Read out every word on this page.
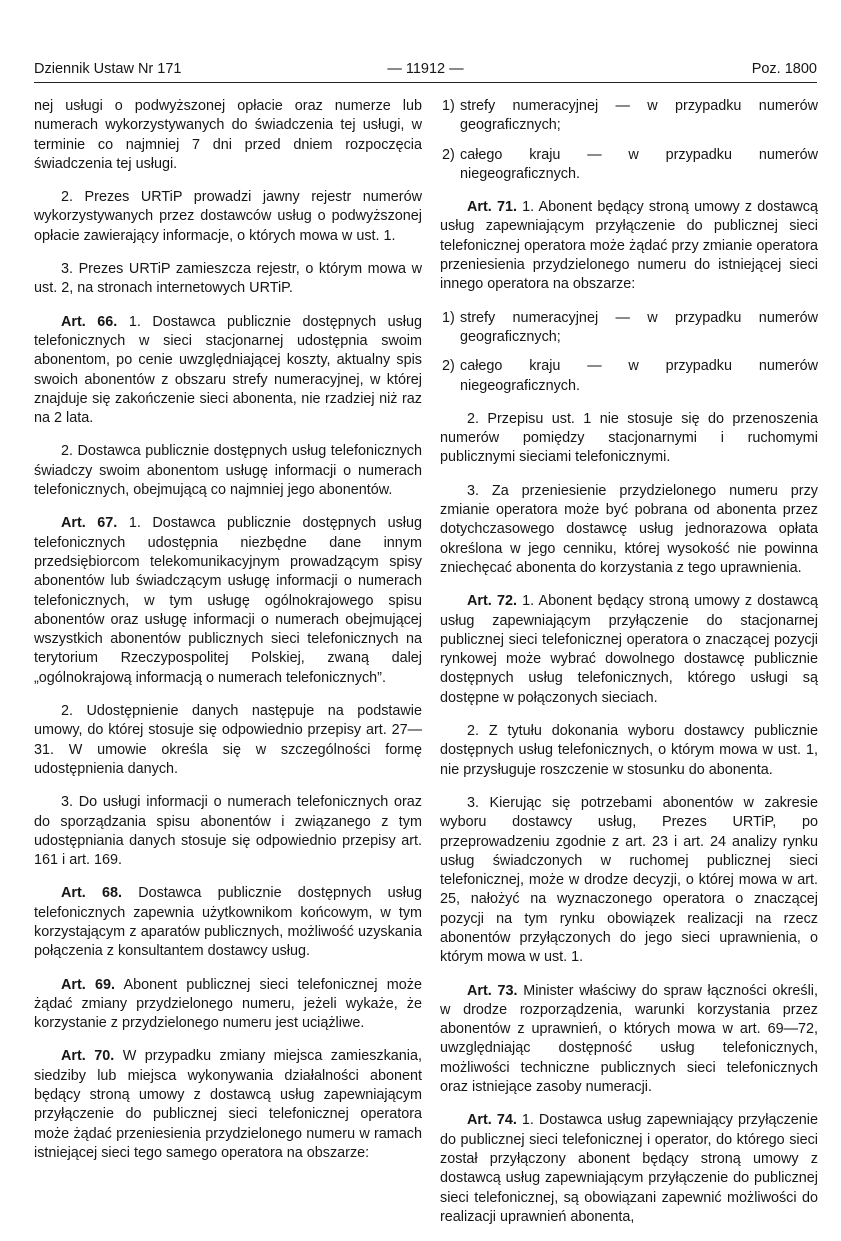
Dziennik Ustaw Nr 171	— 11912 —	Poz. 1800

nej usługi o podwyższonej opłacie oraz numerze lub numerach wykorzystywanych do świadczenia tej usługi, w terminie co najmniej 7 dni przed dniem rozpoczęcia świadczenia tej usługi.

2. Prezes URTiP prowadzi jawny rejestr numerów wykorzystywanych przez dostawców usług o podwyższonej opłacie zawierający informacje, o których mowa w ust. 1.

3. Prezes URTiP zamieszcza rejestr, o którym mowa w ust. 2, na stronach internetowych URTiP.

Art. 66. 1. Dostawca publicznie dostępnych usług telefonicznych w sieci stacjonarnej udostępnia swoim abonentom, po cenie uwzględniającej koszty, aktualny spis swoich abonentów z obszaru strefy numeracyjnej, w której znajduje się zakończenie sieci abonenta, nie rzadziej niż raz na 2 lata.

2. Dostawca publicznie dostępnych usług telefonicznych świadczy swoim abonentom usługę informacji o numerach telefonicznych, obejmującą co najmniej jego abonentów.

Art. 67. 1. Dostawca publicznie dostępnych usług telefonicznych udostępnia niezbędne dane innym przedsiębiorcom telekomunikacyjnym prowadzącym spisy abonentów lub świadczącym usługę informacji o numerach telefonicznych, w tym usługę ogólnokrajowego spisu abonentów oraz usługę informacji o numerach obejmującej wszystkich abonentów publicznych sieci telefonicznych na terytorium Rzeczypospolitej Polskiej, zwaną dalej „ogólnokrajową informacją o numerach telefonicznych”.

2. Udostępnienie danych następuje na podstawie umowy, do której stosuje się odpowiednio przepisy art. 27—31. W umowie określa się w szczególności formę udostępnienia danych.

3. Do usługi informacji o numerach telefonicznych oraz do sporządzania spisu abonentów i związanego z tym udostępniania danych stosuje się odpowiednio przepisy art. 161 i art. 169.

Art. 68. Dostawca publicznie dostępnych usług telefonicznych zapewnia użytkownikom końcowym, w tym korzystającym z aparatów publicznych, możliwość uzyskania połączenia z konsultantem dostawcy usług.

Art. 69. Abonent publicznej sieci telefonicznej może żądać zmiany przydzielonego numeru, jeżeli wykaże, że korzystanie z przydzielonego numeru jest uciążliwe.

Art. 70. W przypadku zmiany miejsca zamieszkania, siedziby lub miejsca wykonywania działalności abonent będący stroną umowy z dostawcą usług zapewniającym przyłączenie do publicznej sieci telefonicznej operatora może żądać przeniesienia przydzielonego numeru w ramach istniejącej sieci tego samego operatora na obszarze:

1) strefy numeracyjnej — w przypadku numerów geograficznych;
2) całego kraju — w przypadku numerów niegeograficznych.

Art. 71. 1. Abonent będący stroną umowy z dostawcą usług zapewniającym przyłączenie do publicznej sieci telefonicznej operatora może żądać przy zmianie operatora przeniesienia przydzielonego numeru do istniejącej sieci innego operatora na obszarze:

1) strefy numeracyjnej — w przypadku numerów geograficznych;
2) całego kraju — w przypadku numerów niegeograficznych.

2. Przepisu ust. 1 nie stosuje się do przenoszenia numerów pomiędzy stacjonarnymi i ruchomymi publicznymi sieciami telefonicznymi.

3. Za przeniesienie przydzielonego numeru przy zmianie operatora może być pobrana od abonenta przez dotychczasowego dostawcę usług jednorazowa opłata określona w jego cenniku, której wysokość nie powinna zniechęcać abonenta do korzystania z tego uprawnienia.

Art. 72. 1. Abonent będący stroną umowy z dostawcą usług zapewniającym przyłączenie do stacjonarnej publicznej sieci telefonicznej operatora o znaczącej pozycji rynkowej może wybrać dowolnego dostawcę publicznie dostępnych usług telefonicznych, którego usługi są dostępne w połączonych sieciach.

2. Z tytułu dokonania wyboru dostawcy publicznie dostępnych usług telefonicznych, o którym mowa w ust. 1, nie przysługuje roszczenie w stosunku do abonenta.

3. Kierując się potrzebami abonentów w zakresie wyboru dostawcy usług, Prezes URTiP, po przeprowadzeniu zgodnie z art. 23 i art. 24 analizy rynku usług świadczonych w ruchomej publicznej sieci telefonicznej, może w drodze decyzji, o której mowa w art. 25, nałożyć na wyznaczonego operatora o znaczącej pozycji na tym rynku obowiązek realizacji na rzecz abonentów przyłączonych do jego sieci uprawnienia, o którym mowa w ust. 1.

Art. 73. Minister właściwy do spraw łączności określi, w drodze rozporządzenia, warunki korzystania przez abonentów z uprawnień, o których mowa w art. 69—72, uwzględniając dostępność usług telefonicznych, możliwości techniczne publicznych sieci telefonicznych oraz istniejące zasoby numeracji.

Art. 74. 1. Dostawca usług zapewniający przyłączenie do publicznej sieci telefonicznej i operator, do którego sieci został przyłączony abonent będący stroną umowy z dostawcą usług zapewniającym przyłączenie do publicznej sieci telefonicznej, są obowiązani zapewnić możliwości do realizacji uprawnień abonenta,
